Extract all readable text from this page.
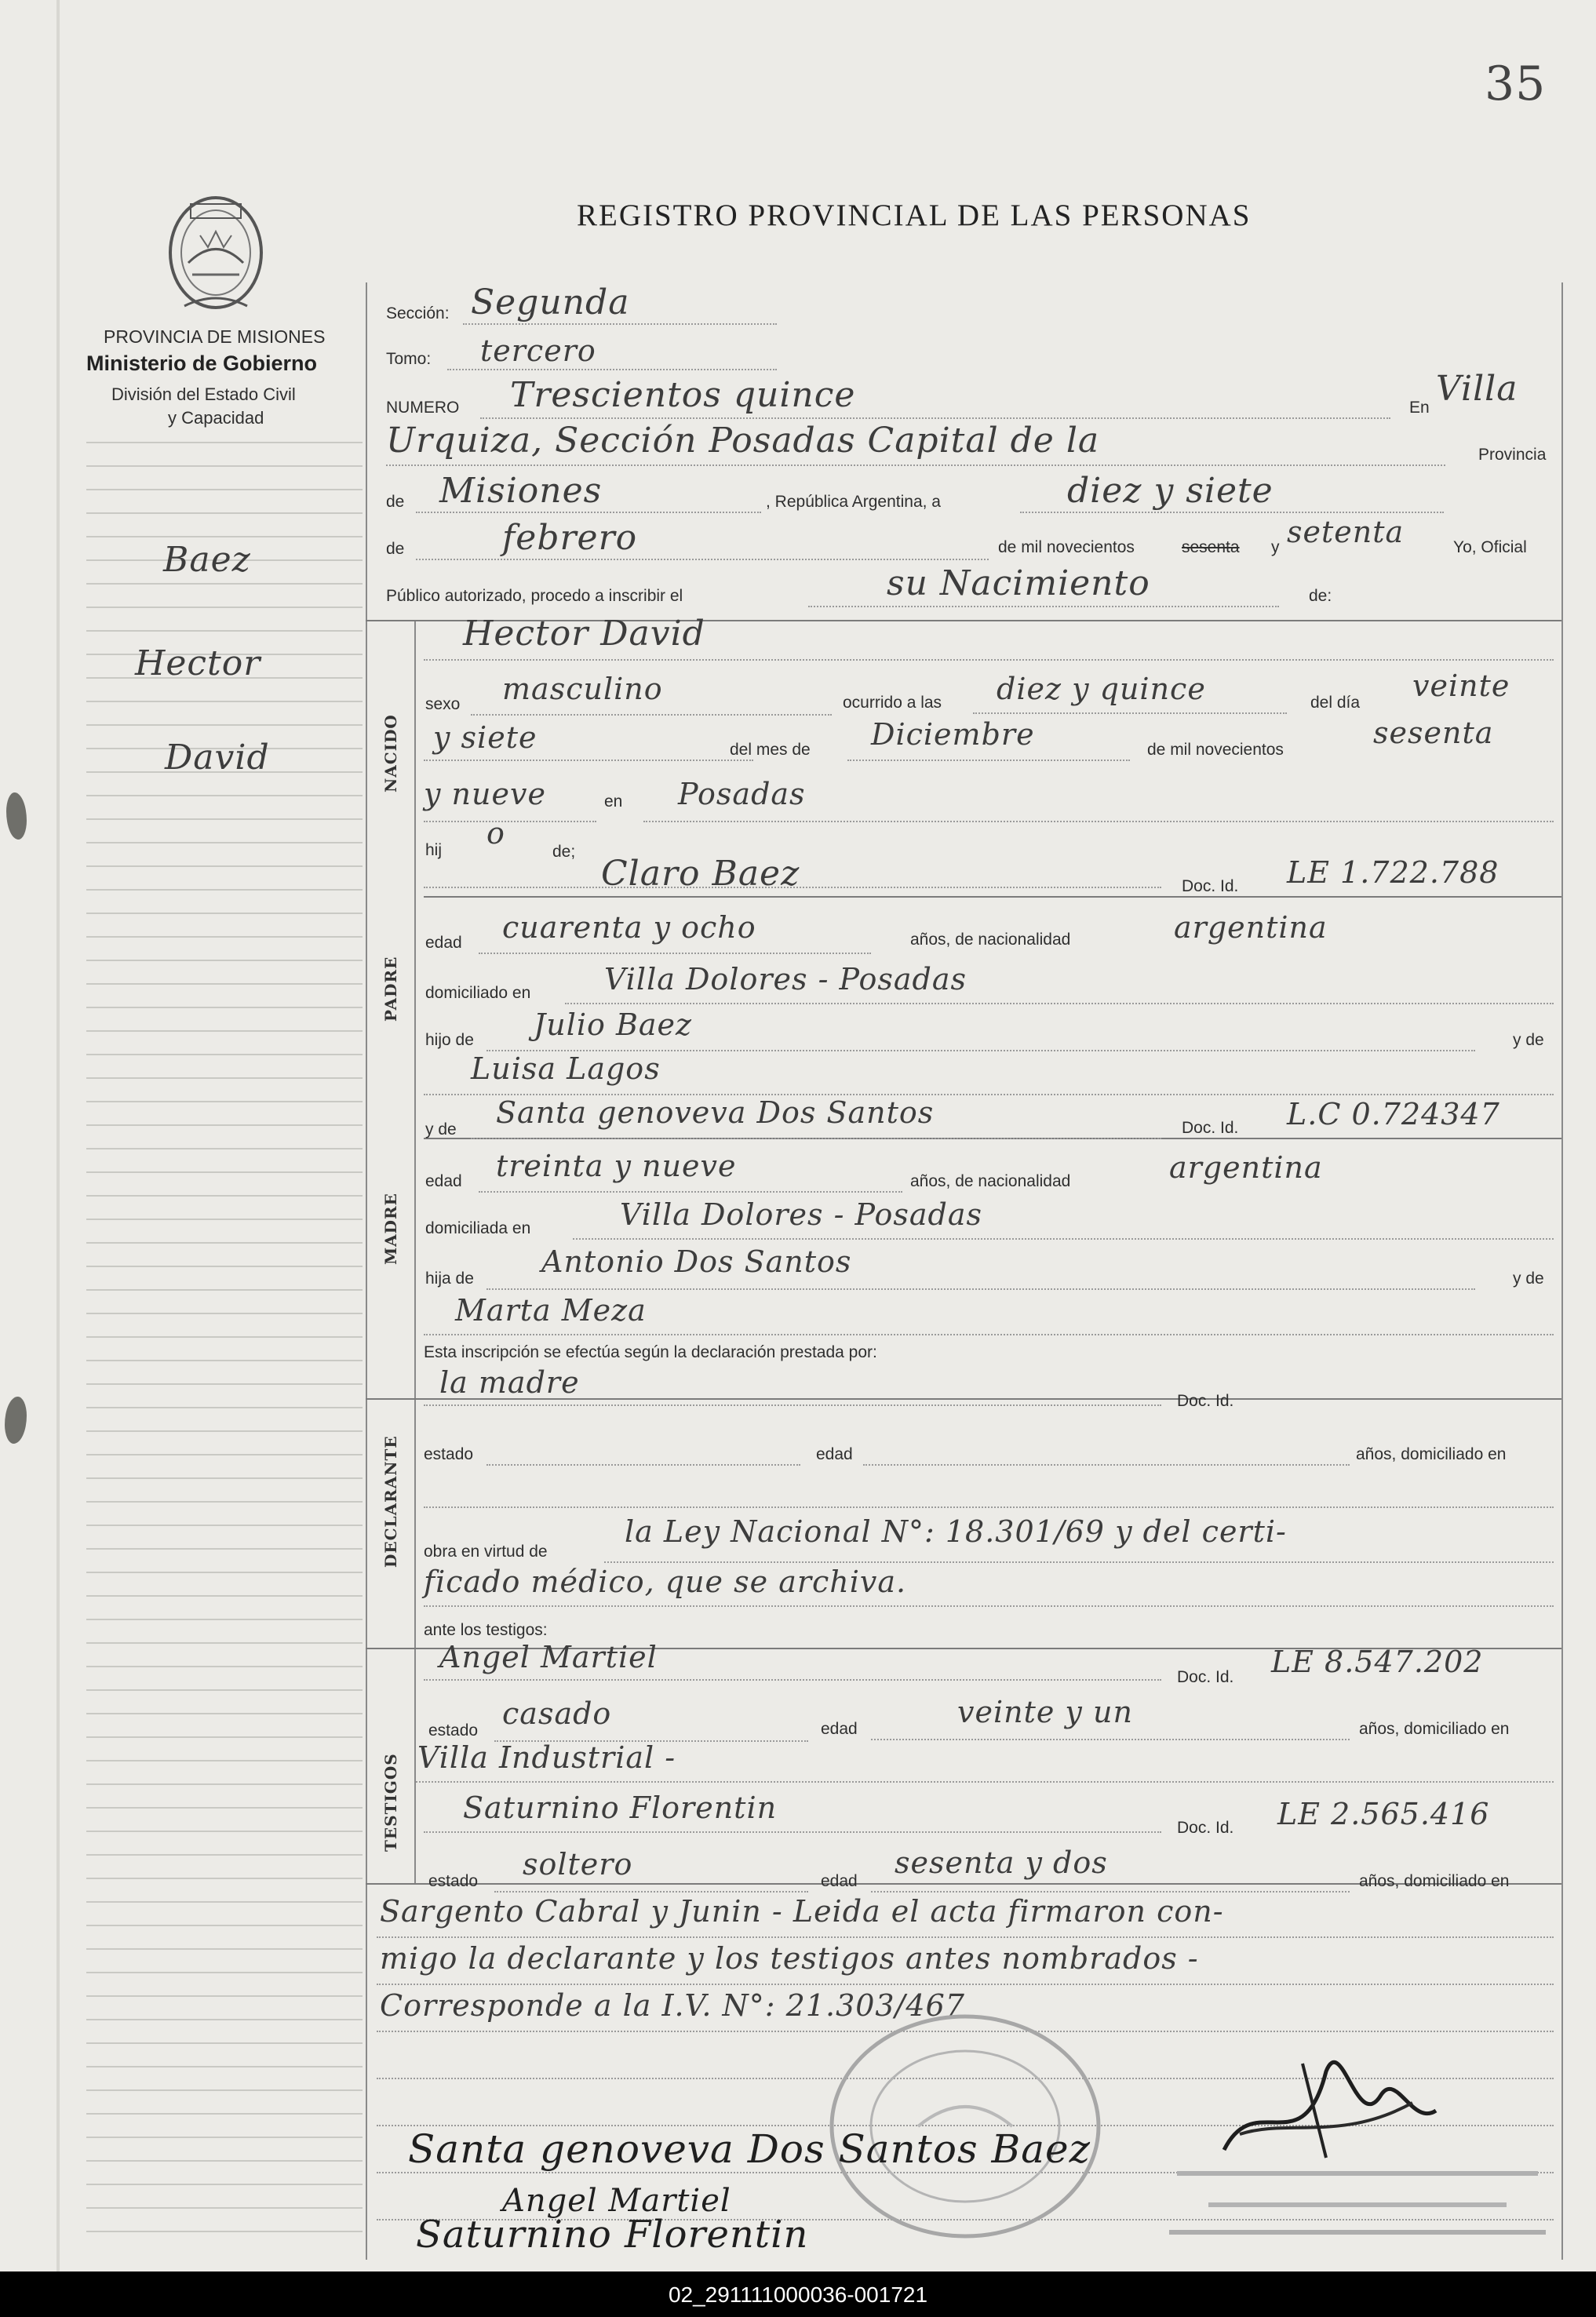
35
REGISTRO PROVINCIAL DE LAS PERSONAS
PROVINCIA DE MISIONES
Ministerio de Gobierno
División del Estado Civil
y Capacidad
Baez
Hector
David	NACIDO
PADRE
MADRE
DECLARANTE
TESTIGOS
Sección: Segunda
Tomo: tercero
NUMERO Trescientos quince	En Villa
Urquiza, Sección Posadas Capital de la	Provincia
de Misiones	, República Argentina, a	diez y siete
de	febrero	de mil novecientos	sesenta y setenta	Yo, Oficial
Público autorizado, procedo a inscribir el	su Nacimiento	de:
Hector David
sexo masculino	ocurrido a las diez y quince	del día veinte
y siete	del mes de Diciembre	de mil novecientos	sesenta
y nueve	en Posadas
hij o
de;
Claro Baez	Doc. Id. LE 1.722.788
edad cuarenta y ocho	años, de nacionalidad	argentina
domiciliado en Villa Dolores - Posadas
hijo de Julio Baez	y de
Luisa Lagos
y de Santa genoveva Dos Santos	Doc. Id. L.C 0.724347
edad treinta y nueve	años, de nacionalidad	argentina
domiciliada en	Villa Dolores - Posadas
hija de Antonio Dos Santos	y de
Marta Meza
Esta inscripción se efectúa según la declaración prestada por:
la madre
Doc. Id.
estado	edad	años, domiciliado en
obra en virtud de
la Ley Nacional N°: 18.301/69 y del certi-
ficado médico, que se archiva.
ante los testigos:
Angel Martiel
Doc. Id. LE 8.547.202
estado casado	edad	veinte y un	años, domiciliado en
Villa Industrial -
Saturnino Florentin
Doc. Id. LE 2.565.416
estado soltero	edad
sesenta y dos
años, domiciliado en
Sargento Cabral y Junin - Leida el acta firmaron con-
migo la declarante y los testigos antes nombrados -
Corresponde a la I.V. N°: 21.303/467
Santa genoveva Dos Santos Baez
Angel Martiel
Saturnino Florentin
02_291111000036-001721
